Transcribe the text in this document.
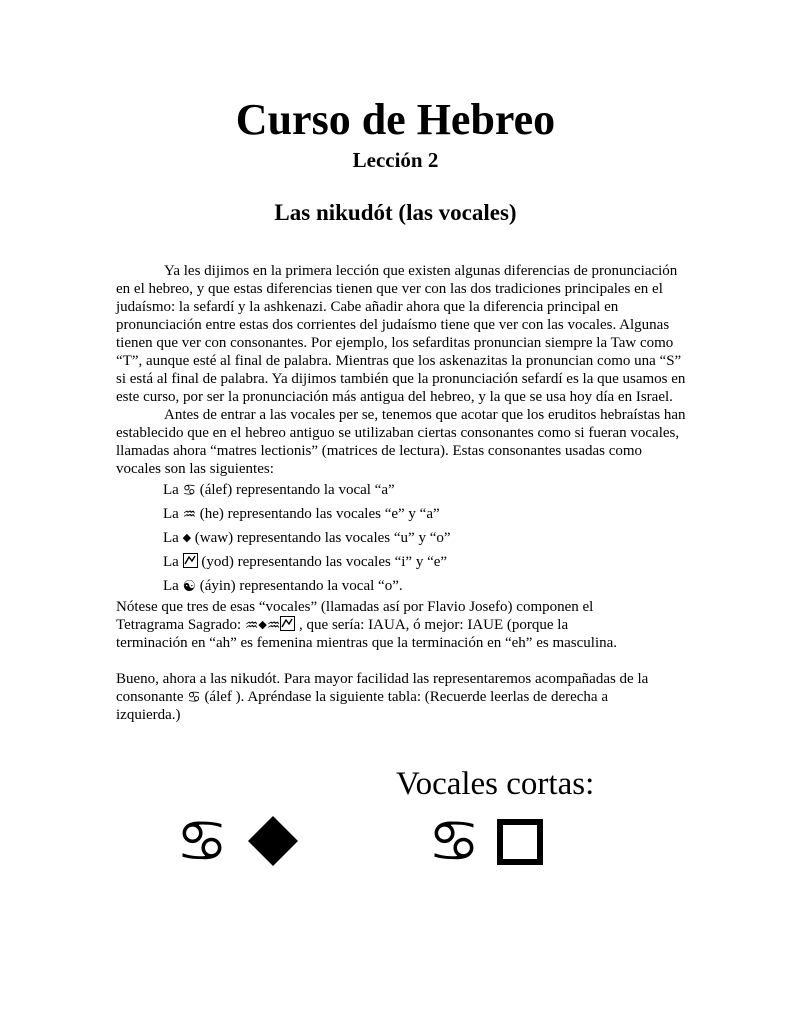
Curso de Hebreo
Lección 2
Las nikudót (las vocales)

Ya les dijimos en la primera lección que existen algunas diferencias de pronunciación en el hebreo, y que estas diferencias tienen que ver con las dos tradiciones principales en el judaísmo: la sefardí y la ashkenazi. Cabe añadir ahora que la diferencia principal en pronunciación entre estas dos corrientes del judaísmo tiene que ver con las vocales. Algunas tienen que ver con consonantes. Por ejemplo, los sefarditas pronuncian siempre la Taw como “T”, aunque esté al final de palabra. Mientras que los askenazitas la pronuncian como una “S” si está al final de palabra. Ya dijimos también que la pronunciación sefardí es la que usamos en este curso, por ser la pronunciación más antigua del hebreo, y la que se usa hoy día en Israel.

Antes de entrar a las vocales per se, tenemos que acotar que los eruditos hebraístas han establecido que en el hebreo antiguo se utilizaban ciertas consonantes como si fueran vocales, llamadas ahora “matres lectionis” (matrices de lectura). Estas consonantes usadas como vocales son las siguientes:

La ♋ (álef) representando la vocal “a”
La ♒ (he) representando las vocales “e” y “a”
La ◆ (waw) representando las vocales “u” y “o”
La
(yod) representando las vocales “i” y “e”
La ☯ (áyin) representando la vocal “o”.

Nótese que tres de esas “vocales” (llamadas así por Flavio Josefo) componen el
Tetragrama Sagrado: ♒◆♒
, que sería: IAUA, ó mejor: IAUE (porque la
terminación en “ah” es femenina mientras que la terminación en “eh” es masculina.

Bueno, ahora a las nikudót. Para mayor facilidad las representaremos acompañadas de la
consonante ♋ (álef ). Apréndase la siguiente tabla: (Recuerde leerlas de derecha a
izquierda.)

Vocales cortas:
♋	♋
